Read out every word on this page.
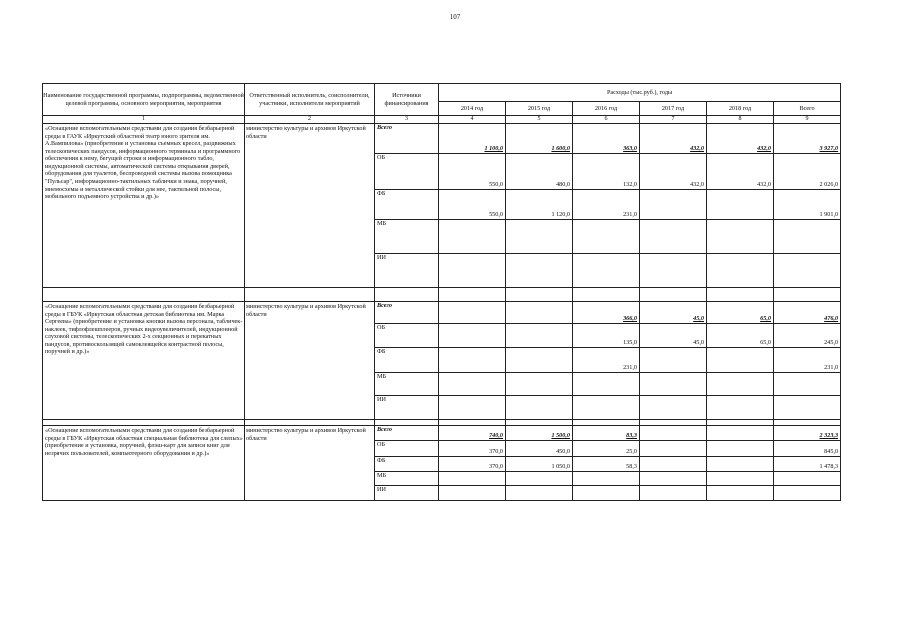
107
Наименование государственной программы, подпрограммы, ведомственной целевой программы, основного мероприятия, мероприятия	Ответственный исполнитель, соисполнители, участники, исполнители мероприятий	Источники финансирования	Расходы (тыс.руб.), годы					
			2014 год	2015 год	2016 год	2017 год	2018 год	Всего
1	2	3	4	5	6	7	8	9
«Оснащение вспомогательными средствами для создания безбарьерной среды в ГАУК «Иркутский областной театр юного зрителя им. А.Вампилова» (приобретение и установка съемных кресел, раздвижных телескопических пандусов, информационного терминала и программного обеспечения к нему, бегущей строки и информационного табло, индукционной системы, автоматической системы открывания дверей, оборудования для туалетов, беспроводной системы вызова помощника "Пульсар", информационно-тактильных таблички и знака, поручней, мнемосхемы и металлической стойки для нее, тактильной полосы, мобильного подъемного устройства и др.)»	министерство культуры и архивов Иркутской области	Всего	1 100,0	1 600,0	363,0	432,0	432,0	3 927,0
		ОБ	550,0	480,0	132,0	432,0	432,0	2 026,0
		ФБ	550,0	1 120,0	231,0			1 901,0
		МБ						
		ИИ						

«Оснащение вспомогательными средствами для создания безбарьерной среды в ГБУК «Иркутская областная детская библиотека им. Марка Сергеева» (приобретение и установка кнопки вызова персонала, табличек-наклеек, тифлофлешплееров, ручных видеоувеличителей, индукционной слуховой системы, телескопических 2-х секционных и перекатных пандусов, противоскользящей самоклеящейся контрастной полосы, поручней и др.)»	министерство культуры и архивов Иркутской области	Всего			366,0	45,0	65,0	476,0
		ОБ			135,0	45,0	65,0	245,0
		ФБ			231,0			231,0
		МБ						
		ИИ						

«Оснащение вспомогательными средствами для создания безбарьерной среды в ГБУК «Иркутская областная специальная библиотека для слепых» (приобретение и установка, поручней, флэш-карт для записи книг для незрячих пользователей, компьютерного оборудования и др.)»	министерство культуры и архивов Иркутской области	Всего	740,0	1 500,0	83,3			2 323,3
		ОБ	370,0	450,0	25,0			845,0
		ФБ	370,0	1 050,0	58,3			1 478,3
		МБ						
		ИИ						
